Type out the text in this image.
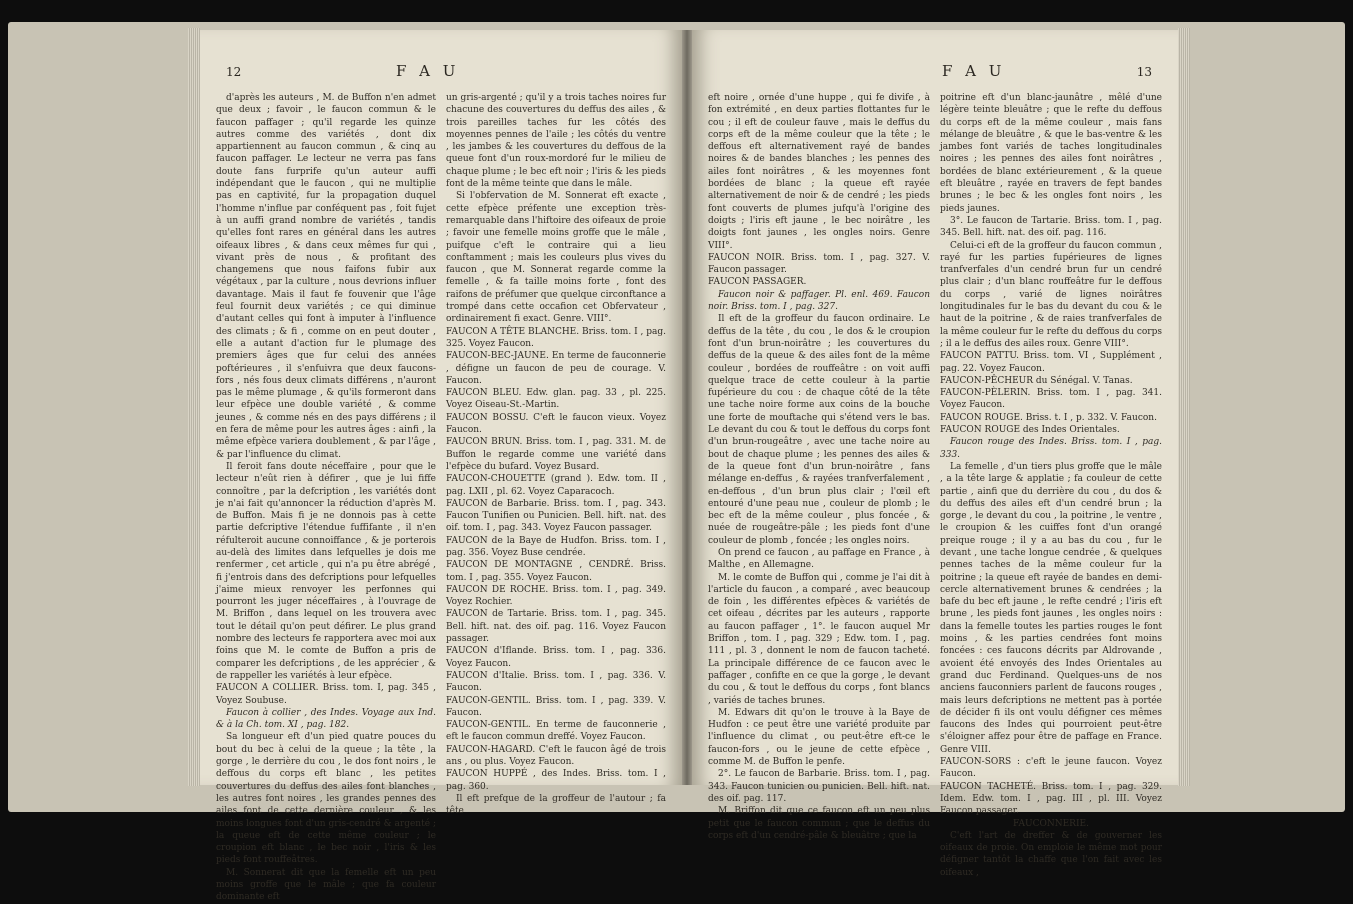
12	F A U

d'après les auteurs , M. de Buffon n'en admet que deux ; favoir , le faucon commun & le faucon paffager ; qu'il regarde les quinze autres comme des variétés , dont dix appartiennent au faucon commun , & cinq au faucon paffager. Le lecteur ne verra pas fans doute fans furprife qu'un auteur auffi indépendant que le faucon , qui ne multiplie pas en captivité, fur la propagation duquel l'homme n'influe par conféquent pas , foit fujet à un auffi grand nombre de variétés , tandis qu'elles font rares en général dans les autres oifeaux libres , & dans ceux mêmes fur qui , vivant près de nous , & profitant des changemens que nous faifons fubir aux végétaux , par la culture , nous devrions influer davantage. Mais il faut fe fouvenir que l'âge feul fournit deux variétés ; ce qui diminue d'autant celles qui font à imputer à l'influence des climats ; & fi , comme on en peut douter , elle a autant d'action fur le plumage des premiers âges que fur celui des années poftérieures , il s'enfuivra que deux faucons-fors , nés fous deux climats différens , n'auront pas le même plumage , & qu'ils formeront dans leur efpèce une double variété , & comme jeunes , & comme nés en des pays différens ; il en fera de même pour les autres âges : ainfi , la même efpèce variera doublement , & par l'âge , & par l'influence du climat.

Il feroit fans doute néceffaire , pour que le lecteur n'eût rien à défirer , que je lui fiffe connoître , par la defcription , les variétés dont je n'ai fait qu'annoncer la réduction d'après M. de Buffon. Mais fi je ne donnois pas à cette partie defcriptive l'étendue fuffifante , il n'en réfulteroit aucune connoiffance , & je porterois au-delà des limites dans lefquelles je dois me renfermer , cet article , qui n'a pu être abrégé , fi j'entrois dans des defcriptions pour lefquelles j'aime mieux renvoyer les perfonnes qui pourront les juger néceffaires , à l'ouvrage de M. Briffon , dans lequel on les trouvera avec tout le détail qu'on peut défirer. Le plus grand nombre des lecteurs fe rapportera avec moi aux foins que M. le comte de Buffon a pris de comparer les defcriptions , de les apprécier , & de rappeller les variétés à leur efpèce.

FAUCON A COLLIER. Briss. tom. I, pag. 345 , Voyez Soubuse.

Faucon à collier , des Indes. Voyage aux Ind. & à la Ch. tom. XI , pag. 182.

Sa longueur eft d'un pied quatre pouces du bout du bec à celui de la queue ; la tête , la gorge , le derrière du cou , le dos font noirs , le deffous du corps eft blanc , les petites couvertures du deffus des ailes font blanches , les autres font noires , les grandes pennes des ailes font de cette dernière couleur , & les moins longues font d'un gris-cendré & argenté ; la queue eft de cette même couleur ; le croupion eft blanc , le bec noir , l'iris & les pieds font rouffeâtres.

M. Sonnerat dit que la femelle eft un peu moins groffe que le mâle ; que fa couleur dominante eft

un gris-argenté ; qu'il y a trois taches noires fur chacune des couvertures du deffus des ailes , & trois pareilles taches fur les côtés des moyennes pennes de l'aile ; les côtés du ventre , les jambes & les couvertures du deffous de la queue font d'un roux-mordoré fur le milieu de chaque plume ; le bec eft noir ; l'iris & les pieds font de la même teinte que dans le mâle.

Si l'obfervation de M. Sonnerat eft exacte , cette efpèce préfente une exception très-remarquable dans l'hiftoire des oifeaux de proie ; favoir une femelle moins groffe que le mâle , puifque c'eft le contraire qui a lieu conftamment ; mais les couleurs plus vives du faucon , que M. Sonnerat regarde comme la femelle , & fa taille moins forte , font des raifons de préfumer que quelque circonftance a trompé dans cette occafion cet Obfervateur , ordinairement fi exact. Genre. VIII°.

FAUCON A TÊTE BLANCHE. Briss. tom. I , pag. 325. Voyez Faucon.

FAUCON-BEC-JAUNE. En terme de fauconnerie , défigne un faucon de peu de courage. V. Faucon.

FAUCON BLEU. Edw. glan. pag. 33 , pl. 225. Voyez Oiseau-St.-Martin.

FAUCON BOSSU. C'eft le faucon vieux. Voyez Faucon.

FAUCON BRUN. Briss. tom. I , pag. 331. M. de Buffon le regarde comme une variété dans l'efpèce du bufard. Voyez Busard.

FAUCON-CHOUETTE (grand ). Edw. tom. II , pag. LXII , pl. 62. Voyez Caparacoch.

FAUCON de Barbarie. Briss. tom. I , pag. 343. Faucon Tunifien ou Punicien. Bell. hift. nat. des oif. tom. I , pag. 343. Voyez Faucon passager.

FAUCON de la Baye de Hudfon. Briss. tom. I , pag. 356. Voyez Buse cendrée.

FAUCON DE MONTAGNE , CENDRÉ. Briss. tom. I , pag. 355. Voyez Faucon.

FAUCON DE ROCHE. Briss. tom. I , pag. 349. Voyez Rochier.

FAUCON de Tartarie. Briss. tom. I , pag. 345. Bell. hift. nat. des oif. pag. 116. Voyez Faucon passager.

FAUCON d'Iflande. Briss. tom. I , pag. 336. Voyez Faucon.

FAUCON d'Italie. Briss. tom. I , pag. 336. V. Faucon.

FAUCON-GENTIL. Briss. tom. I , pag. 339. V. Faucon.

FAUCON-GENTIL. En terme de fauconnerie , eft le faucon commun dreffé. Voyez Faucon.

FAUCON-HAGARD. C'eft le faucon âgé de trois ans , ou plus. Voyez Faucon.

FAUCON HUPPÉ , des Indes. Briss. tom. I , pag. 360.

Il eft prefque de la groffeur de l'autour ; fa tête

F A U	13

eft noire , ornée d'une huppe , qui fe divife , à fon extrémité , en deux parties flottantes fur le cou ; il eft de couleur fauve , mais le deffus du corps eft de la même couleur que la tête ; le deffous eft alternativement rayé de bandes noires & de bandes blanches ; les pennes des ailes font noirâtres , & les moyennes font bordées de blanc ; la queue eft rayée alternativement de noir & de cendré ; les pieds font couverts de plumes jufqu'à l'origine des doigts ; l'iris eft jaune , le bec noirâtre , les doigts font jaunes , les ongles noirs. Genre VIII°.

FAUCON NOIR. Briss. tom. I , pag. 327. V. Faucon passager.

FAUCON PASSAGER.

Faucon noir & paffager. Pl. enl. 469. Faucon noir. Briss. tom. I , pag. 327.

Il eft de la groffeur du faucon ordinaire. Le deffus de la tête , du cou , le dos & le croupion font d'un brun-noirâtre ; les couvertures du deffus de la queue & des ailes font de la même couleur , bordées de rouffeâtre : on voit auffi quelque trace de cette couleur à la partie fupérieure du cou : de chaque côté de la tête une tache noire forme aux coins de la bouche une forte de mouftache qui s'étend vers le bas. Le devant du cou & tout le deffous du corps font d'un brun-rougeâtre , avec une tache noire au bout de chaque plume ; les pennes des ailes & de la queue font d'un brun-noirâtre , fans mélange en-deffus , & rayées tranfverfalement , en-deffous , d'un brun plus clair ; l'œil eft entouré d'une peau nue , couleur de plomb ; le bec eft de la même couleur , plus foncée , & nuée de rougeâtre-pâle ; les pieds font d'une couleur de plomb , foncée ; les ongles noirs.

On prend ce faucon , au paffage en France , à Malthe , en Allemagne.

M. le comte de Buffon qui , comme je l'ai dit à l'article du faucon , a comparé , avec beaucoup de foin , les différentes efpèces & variétés de cet oifeau , décrites par les auteurs , rapporte au faucon paffager , 1°. le faucon auquel Mr Briffon , tom. I , pag. 329 ; Edw. tom. I , pag. 111 , pl. 3 , donnent le nom de faucon tacheté. La principale différence de ce faucon avec le paffager , confifte en ce que la gorge , le devant du cou , & tout le deffous du corps , font blancs , variés de taches brunes.

M. Edwars dit qu'on le trouve à la Baye de Hudfon : ce peut être une variété produite par l'influence du climat , ou peut-être eft-ce le faucon-fors , ou le jeune de cette efpèce , comme M. de Buffon le penfe.

2°. Le faucon de Barbarie. Briss. tom. I , pag. 343. Faucon tunicien ou punicien. Bell. hift. nat. des oif. pag. 117.

M. Briffon dit que ce faucon eft un peu plus petit que le faucon commun ; que le deffus du corps eft d'un cendré-pâle & bleuâtre ; que la

poitrine eft d'un blanc-jaunâtre , mêlé d'une légère teinte bleuâtre ; que le refte du deffous du corps eft de la même couleur , mais fans mélange de bleuâtre , & que le bas-ventre & les jambes font variés de taches longitudinales noires ; les pennes des ailes font noirâtres , bordées de blanc extérieurement , & la queue eft bleuâtre , rayée en travers de fept bandes brunes ; le bec & les ongles font noirs , les pieds jaunes.

3°. Le faucon de Tartarie. Briss. tom. I , pag. 345. Bell. hift. nat. des oif. pag. 116.

Celui-ci eft de la groffeur du faucon commun , rayé fur les parties fupérieures de lignes tranfverfales d'un cendré brun fur un cendré plus clair ; d'un blanc rouffeâtre fur le deffous du corps , varié de lignes noirâtres longitudinales fur le bas du devant du cou & le haut de la poitrine , & de raies tranfverfales de la même couleur fur le refte du deffous du corps ; il a le deffus des ailes roux. Genre VIII°.

FAUCON PATTU. Briss. tom. VI , Supplément , pag. 22. Voyez Faucon.

FAUCON-PÊCHEUR du Sénégal. V. Tanas.

FAUCON-PÈLERIN. Briss. tom. I , pag. 341. Voyez Faucon.

FAUCON ROUGE. Briss. t. I , p. 332. V. Faucon.

FAUCON ROUGE des Indes Orientales.

Faucon rouge des Indes. Briss. tom. I , pag. 333.

La femelle , d'un tiers plus groffe que le mâle , a la tête large & applatie ; fa couleur de cette partie , ainfi que du derrière du cou , du dos & du deffus des ailes eft d'un cendré brun ; la gorge , le devant du cou , la poitrine , le ventre , le croupion & les cuiffes font d'un orangé preique rouge ; il y a au bas du cou , fur le devant , une tache longue cendrée , & quelques pennes taches de la même couleur fur la poitrine ; la queue eft rayée de bandes en demi-cercle alternativement brunes & cendrées ; la bafe du bec eft jaune , le refte cendré ; l'iris eft brune , les pieds font jaunes , les ongles noirs : dans la femelle toutes les parties rouges le font moins , & les parties cendrées font moins foncées : ces faucons décrits par Aldrovande , avoient été envoyés des Indes Orientales au grand duc Ferdinand. Quelques-uns de nos anciens fauconniers parlent de faucons rouges , mais leurs defcriptions ne mettent pas à portée de décider fi ils ont voulu défigner ces mêmes faucons des Indes qui pourroient peut-être s'éloigner affez pour être de paffage en France. Genre VIII.

FAUCON-SORS : c'eft le jeune faucon. Voyez Faucon.

FAUCON TACHETÉ. Briss. tom. I , pag. 329. Idem. Edw. tom. I , pag. III , pl. III. Voyez Faucon passager.

FAUCONNERIE.

C'eft l'art de dreffer & de gouverner les oifeaux de proie. On emploie le même mot pour défigner tantôt la chaffe que l'on fait avec les oifeaux ,
